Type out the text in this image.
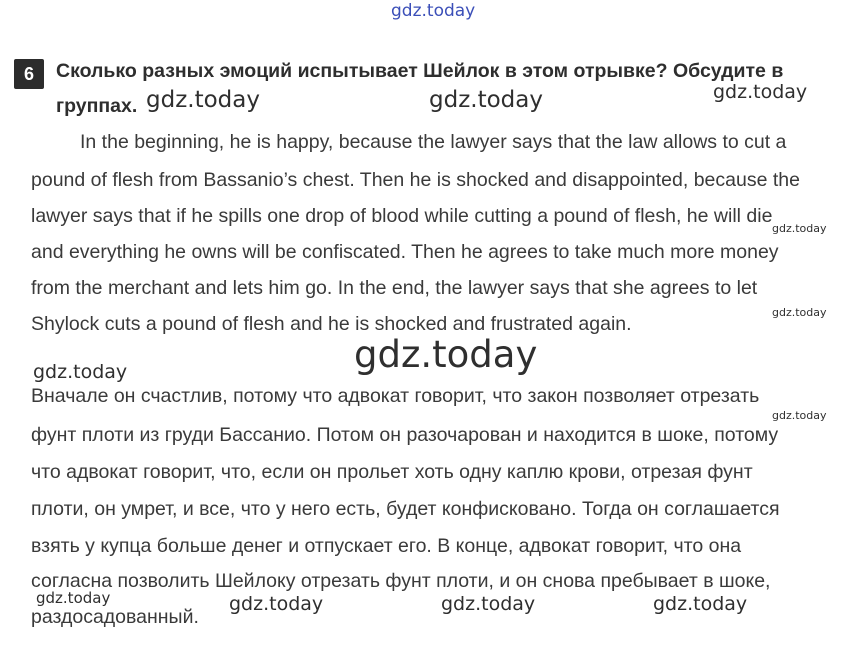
gdz.today
6	Сколько разных эмоций испытывает Шейлок в этом отрывке? Обсудите в
группах. gdz.today	gdz.today	gdz.today
In the beginning, he is happy, because the lawyer says that the law allows to cut a
pound of flesh from Bassanio’s chest. Then he is shocked and disappointed, because the
lawyer says that if he spills one drop of blood while cutting a pound of flesh, he will die
and everything he owns will be confiscated. Then he agrees to take much more money
from the merchant and lets him go. In the end, the lawyer says that she agrees to let
Shylock cuts a pound of flesh and he is shocked and frustrated again.
gdz.today
gdz.today
gdz.today
gdz.today
Вначале он счастлив, потому что адвокат говорит, что закон позволяет отрезать
фунт плоти из груди Бассанио. Потом он разочарован и находится в шоке, потому
что адвокат говорит, что, если он прольет хоть одну каплю крови, отрезая фунт
плоти, он умрет, и все, что у него есть, будет конфисковано. Тогда он соглашается
взять у купца больше денег и отпускает его. В конце, адвокат говорит, что она
согласна позволить Шейлоку отрезать фунт плоти, и он снова пребывает в шоке,
раздосадованный.
gdz.today
gdz.today	gdz.today	gdz.today	gdz.today
